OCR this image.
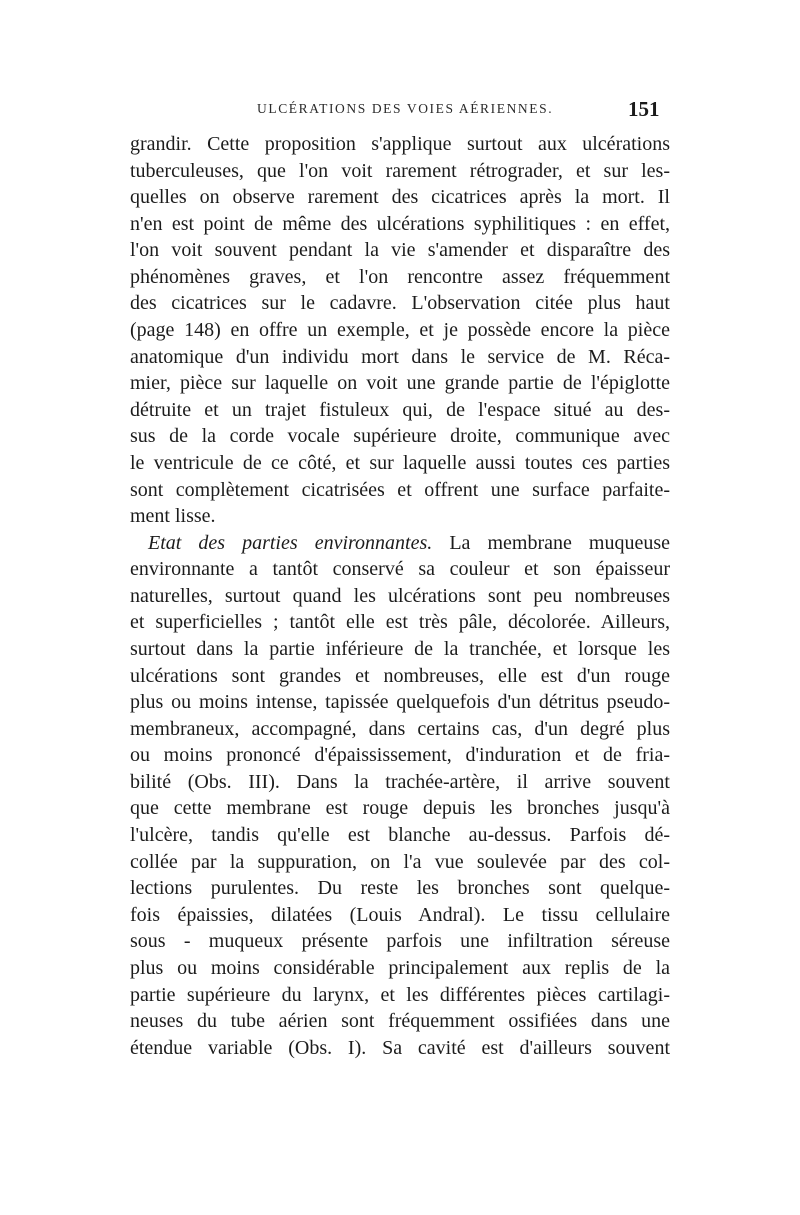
ULCÉRATIONS DES VOIES AÉRIENNES.	151
grandir. Cette proposition s'applique surtout aux ulcérations
tuberculeuses, que l'on voit rarement rétrograder, et sur les-
quelles on observe rarement des cicatrices après la mort. Il
n'en est point de même des ulcérations syphilitiques : en effet,
l'on voit souvent pendant la vie s'amender et disparaître des
phénomènes graves, et l'on rencontre assez fréquemment
des cicatrices sur le cadavre. L'observation citée plus haut
(page 148) en offre un exemple, et je possède encore la pièce
anatomique d'un individu mort dans le service de M. Réca-
mier, pièce sur laquelle on voit une grande partie de l'épiglotte
détruite et un trajet fistuleux qui, de l'espace situé au des-
sus de la corde vocale supérieure droite, communique avec
le ventricule de ce côté, et sur laquelle aussi toutes ces parties
sont complètement cicatrisées et offrent une surface parfaite-
ment lisse.
Etat des parties environnantes. La membrane muqueuse
environnante a tantôt conservé sa couleur et son épaisseur
naturelles, surtout quand les ulcérations sont peu nombreuses
et superficielles ; tantôt elle est très pâle, décolorée. Ailleurs,
surtout dans la partie inférieure de la tranchée, et lorsque les
ulcérations sont grandes et nombreuses, elle est d'un rouge
plus ou moins intense, tapissée quelquefois d'un détritus pseudo-
membraneux, accompagné, dans certains cas, d'un degré plus
ou moins prononcé d'épaississement, d'induration et de fria-
bilité (Obs. III). Dans la trachée-artère, il arrive souvent
que cette membrane est rouge depuis les bronches jusqu'à
l'ulcère, tandis qu'elle est blanche au-dessus. Parfois dé-
collée par la suppuration, on l'a vue soulevée par des col-
lections purulentes. Du reste les bronches sont quelque-
fois épaissies, dilatées (Louis Andral). Le tissu cellulaire
sous - muqueux présente parfois une infiltration séreuse
plus ou moins considérable principalement aux replis de la
partie supérieure du larynx, et les différentes pièces cartilagi-
neuses du tube aérien sont fréquemment ossifiées dans une
étendue variable (Obs. I). Sa cavité est d'ailleurs souvent
